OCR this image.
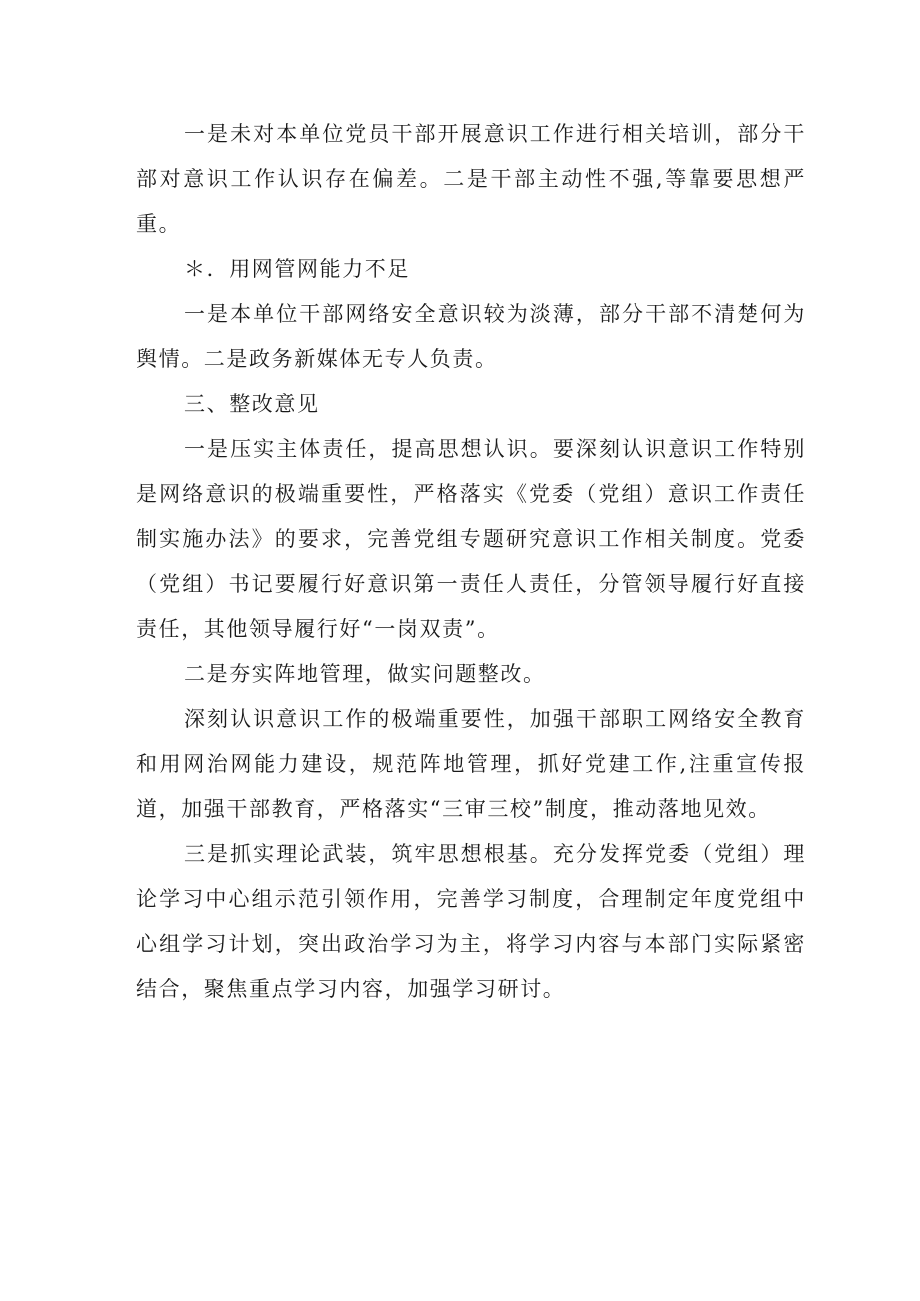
一是未对本单位党员干部开展意识工作进行相关培训，部分干部对意识工作认识存在偏差。二是干部主动性不强,等靠要思想严重。

＊．用网管网能力不足

一是本单位干部网络安全意识较为淡薄，部分干部不清楚何为舆情。二是政务新媒体无专人负责。

三、整改意见

一是压实主体责任，提高思想认识。要深刻认识意识工作特别是网络意识的极端重要性，严格落实《党委（党组）意识工作责任制实施办法》的要求，完善党组专题研究意识工作相关制度。党委（党组）书记要履行好意识第一责任人责任，分管领导履行好直接责任，其他领导履行好“一岗双责”。

二是夯实阵地管理，做实问题整改。

深刻认识意识工作的极端重要性，加强干部职工网络安全教育和用网治网能力建设，规范阵地管理，抓好党建工作,注重宣传报道，加强干部教育，严格落实“三审三校”制度，推动落地见效。

三是抓实理论武装，筑牢思想根基。充分发挥党委（党组）理论学习中心组示范引领作用，完善学习制度，合理制定年度党组中心组学习计划，突出政治学习为主，将学习内容与本部门实际紧密结合，聚焦重点学习内容，加强学习研讨。
